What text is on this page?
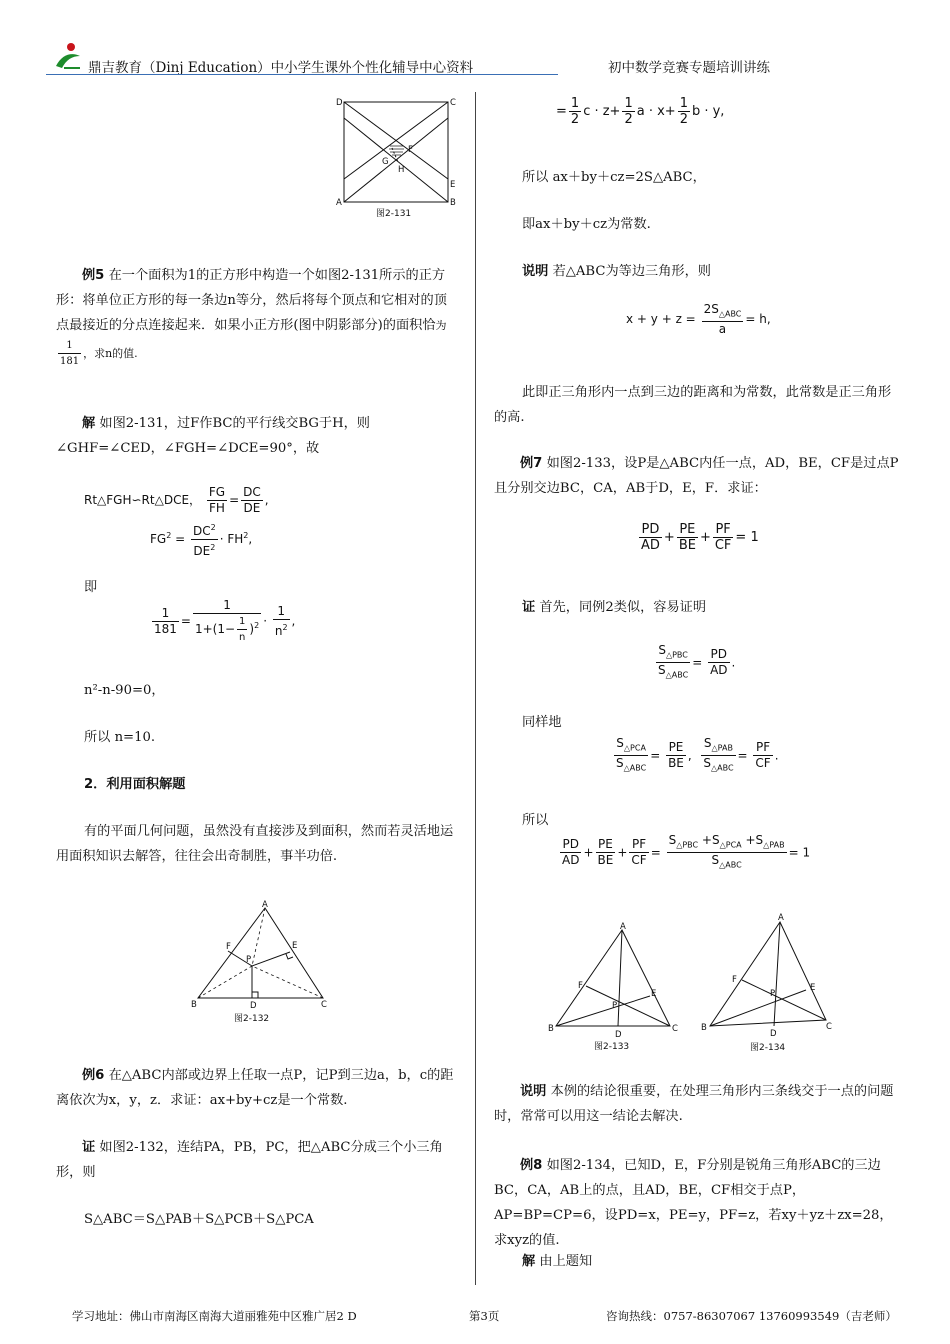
鼎吉教育（Dinj Education）中小学生课外个性化辅导中心资料	初中数学竞赛专题培训讲练
D	C
A	B
E
F
G
H
图2-131
例5 在一个面积为1的正方形中构造一个如图2-131所示的正方形：将单位正方形的每一条边n等分，然后将每个顶点和它相对的顶点最接近的分点连接起来．如果小正方形(图中阴影部分)的面积恰为
$\frac{1}{181}$ ，求n的值.
解 如图2-131，过F作BC的平行线交BG于H，则∠GHF=∠CED，∠FGH=∠DCE=90°，故
Rt△FGH∽Rt△DCE， $\frac{FG}{FH} = \frac{DC}{DE}$ ,
$FG^2 = \frac{DC^2}{DE^2} \cdot FH^2$,
即
$\frac{1}{181} = \frac{1}{1+(1- \frac{1}{n} )^2} \cdot \frac{1}{n^2}$ ,
n²-n-90=0，
所以 n=10.
2．利用面积解题
有的平面几何问题，虽然没有直接涉及到面积，然而若灵活地运用面积知识去解答，往往会出奇制胜，事半功倍.
A
B	C
D
E
F
P
图2-132
例6 在△ABC内部或边界上任取一点P，记P到三边a，b，c的距离依次为x，y，z．求证：ax+by+cz是一个常数.
证 如图2-132，连结PA，PB，PC，把△ABC分成三个小三角形，则
S△ABC＝S△PAB＋S△PCB＋S△PCA
= $\frac{1}{2}$ $c \cdot z+ \frac{1}{2}$ $a \cdot x+ \frac{1}{2}$ b · y,
所以 ax＋by＋cz=2S△ABC，
即ax＋by＋cz为常数.
说明 若△ABC为等边三角形，则
$x + y + z = \frac{2S_{\triangle ABC}}{a} = h$,
此即正三角形内一点到三边的距离和为常数，此常数是正三角形的高.
例7 如图2-133，设P是△ABC内任一点，AD，BE，CF是过点P且分别交边BC，CA，AB于D，E，F．求证：
$\frac{PD}{AD} + \frac{PE}{BE} + \frac{PF}{CF} = 1$
证 首先，同例2类似，容易证明
$\frac{S_{\triangle PBC}}{S_{\triangle ABC}} = \frac{PD}{AD}$ .
同样地
$\frac{S_{\triangle PCA}}{S_{\triangle ABC}} = \frac{PE}{BE}$ , $\frac{S_{\triangle PAB}}{S_{\triangle ABC}} = \frac{PF}{CF}$ .
所以
$\frac{PD}{AD} + \frac{PE}{BE} + \frac{PF}{CF} = \frac{S_{\triangle PBC} +S_{\triangle PCA} +S_{\triangle PAB}}{S_{\triangle ABC}} = 1$
A
B	C
D
E
F
P
图2-133
A
B	C
D
E
F
P
图2-134
说明 本例的结论很重要，在处理三角形内三条线交于一点的问题时，常常可以用这一结论去解决.
例8 如图2-134，已知D，E，F分别是锐角三角形ABC的三边BC，CA，AB上的点，且AD，BE，CF相交于点P，AP=BP=CP=6，设PD=x，PE=y，PF=z，若xy＋yz＋zx=28，求xyz的值.
解 由上题知
学习地址：佛山市南海区南海大道丽雅苑中区雅广居2 D	第3页	咨询热线：0757-86307067 13760993549（吉老师）
